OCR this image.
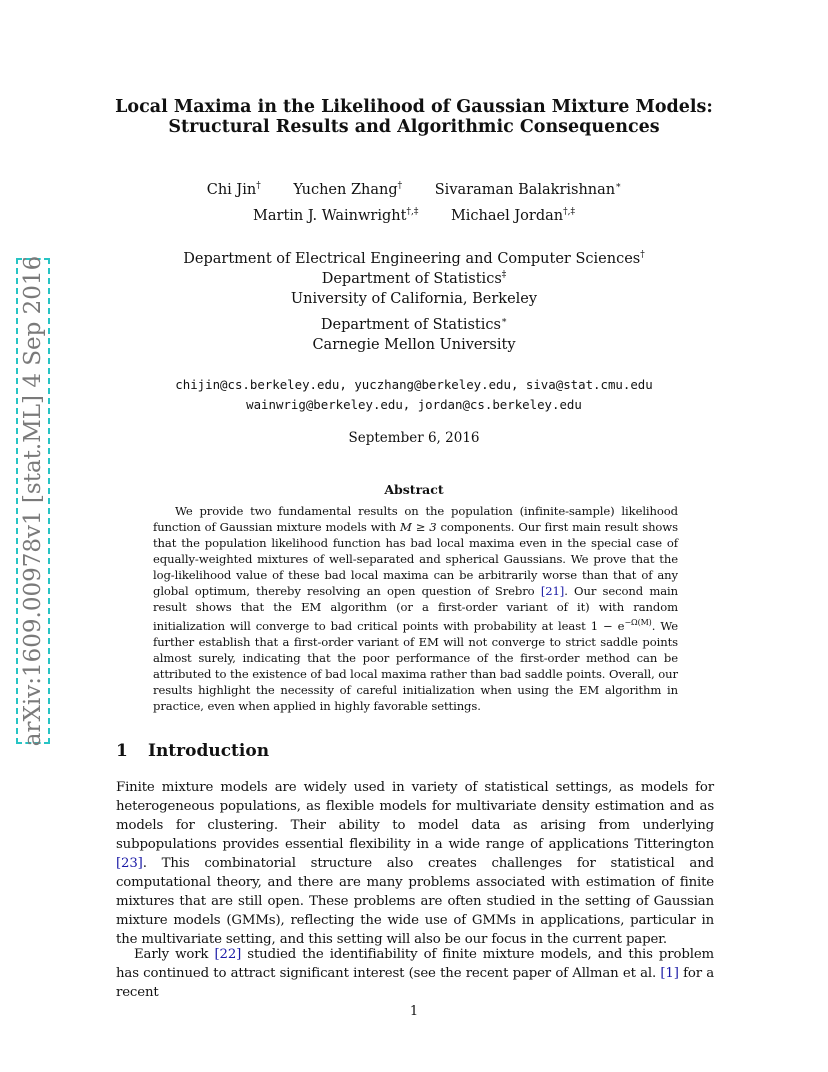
arXiv:1609.00978v1 [stat.ML] 4 Sep 2016
Local Maxima in the Likelihood of Gaussian Mixture Models:
Structural Results and Algorithmic Consequences
Chi Jin† Yuchen Zhang† Sivaraman Balakrishnan∗
Martin J. Wainwright†,‡ Michael Jordan†,‡
Department of Electrical Engineering and Computer Sciences†
Department of Statistics‡
University of California, Berkeley
Department of Statistics∗
Carnegie Mellon University
chijin@cs.berkeley.edu, yuczhang@berkeley.edu, siva@stat.cmu.edu
wainwrig@berkeley.edu, jordan@cs.berkeley.edu
September 6, 2016
Abstract
We provide two fundamental results on the population (infinite-sample) likelihood function of Gaussian mixture models with M ≥ 3 components. Our first main result shows that the population likelihood function has bad local maxima even in the special case of equally-weighted mixtures of well-separated and spherical Gaussians. We prove that the log-likelihood value of these bad local maxima can be arbitrarily worse than that of any global optimum, thereby resolving an open question of Srebro [21]. Our second main result shows that the EM algorithm (or a first-order variant of it) with random initialization will converge to bad critical points with probability at least $1 - e^{-\Omega(M)}$. We further establish that a first-order variant of EM will not converge to strict saddle points almost surely, indicating that the poor performance of the first-order method can be attributed to the existence of bad local maxima rather than bad saddle points. Overall, our results highlight the necessity of careful initialization when using the EM algorithm in practice, even when applied in highly favorable settings.
1 Introduction
Finite mixture models are widely used in variety of statistical settings, as models for heterogeneous populations, as flexible models for multivariate density estimation and as models for clustering. Their ability to model data as arising from underlying subpopulations provides essential flexibility in a wide range of applications Titterington [23]. This combinatorial structure also creates challenges for statistical and computational theory, and there are many problems associated with estimation of finite mixtures that are still open. These problems are often studied in the setting of Gaussian mixture models (GMMs), reflecting the wide use of GMMs in applications, particular in the multivariate setting, and this setting will also be our focus in the current paper.
Early work [22] studied the identifiability of finite mixture models, and this problem has continued to attract significant interest (see the recent paper of Allman et al. [1] for a recent
1
